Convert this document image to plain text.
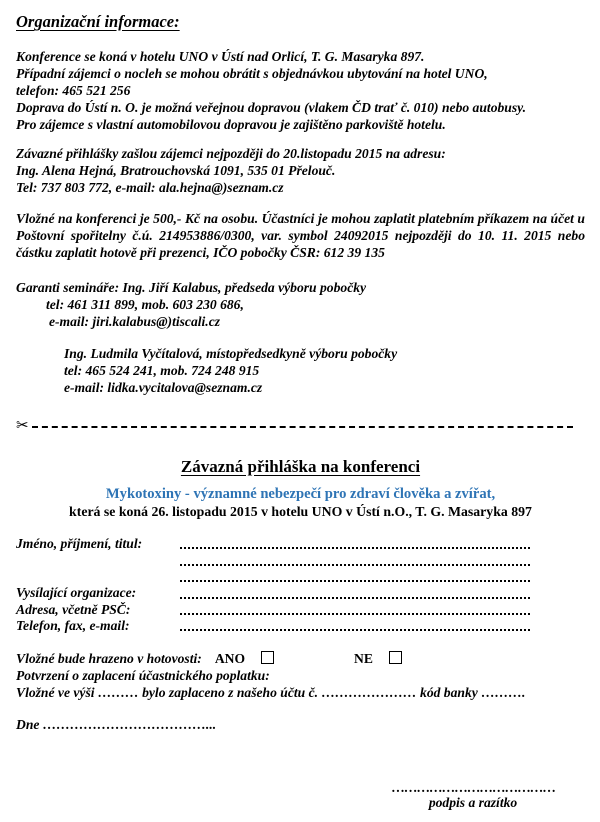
Organizační informace:
Konference se koná v hotelu UNO v Ústí nad Orlicí, T. G. Masaryka 897.
Případní zájemci o nocleh se mohou obrátit s objednávkou ubytování na hotel UNO,
telefon: 465 521 256
Doprava do Ústí n. O. je možná veřejnou dopravou (vlakem ČD trať č. 010) nebo autobusy.
Pro zájemce s vlastní automobilovou dopravou je zajištěno parkoviště hotelu.
Závazné přihlášky zašlou zájemci nejpozději do 20.listopadu 2015 na adresu:
Ing. Alena Hejná, Bratrouchovská 1091, 535 01 Přelouč.
Tel: 737 803 772, e-mail: ala.hejna@)seznam.cz
Vložné na konferenci je 500,- Kč na osobu. Účastníci je mohou zaplatit platebním příkazem na účet u Poštovní spořitelny č.ú. 214953886/0300, var. symbol 24092015 nejpozději do 10. 11. 2015 nebo částku zaplatit hotově při prezenci, IČO pobočky ČSR: 612 39 135
Garanti semináře: Ing. Jiří Kalabus, předseda výboru pobočky
tel: 461 311 899, mob. 603 230 686,
e-mail: jiri.kalabus@)tiscali.cz
Ing. Ludmila Vyčítalová, místopředsedkyně výboru pobočky
tel: 465 524 241, mob. 724 248 915
e-mail: lidka.vycitalova@seznam.cz
✂
Závazná přihláška na konferenci
Mykotoxiny - významné nebezpečí pro zdraví člověka a zvířat,
která se koná 26. listopadu 2015 v hotelu UNO v Ústí n.O., T. G. Masaryka 897
Jméno, příjmení, titul:
Vysílající organizace:
Adresa, včetně PSČ:
Telefon, fax, e-mail:
Vložné bude hrazeno v hotovosti: ANO	NE
Potvrzení o zaplacení účastnického poplatku:
Vložné ve výši ……… bylo zaplaceno z našeho účtu č. ………………… kód banky ……….
Dne ………………………………...
…………………………………
podpis a razítko
